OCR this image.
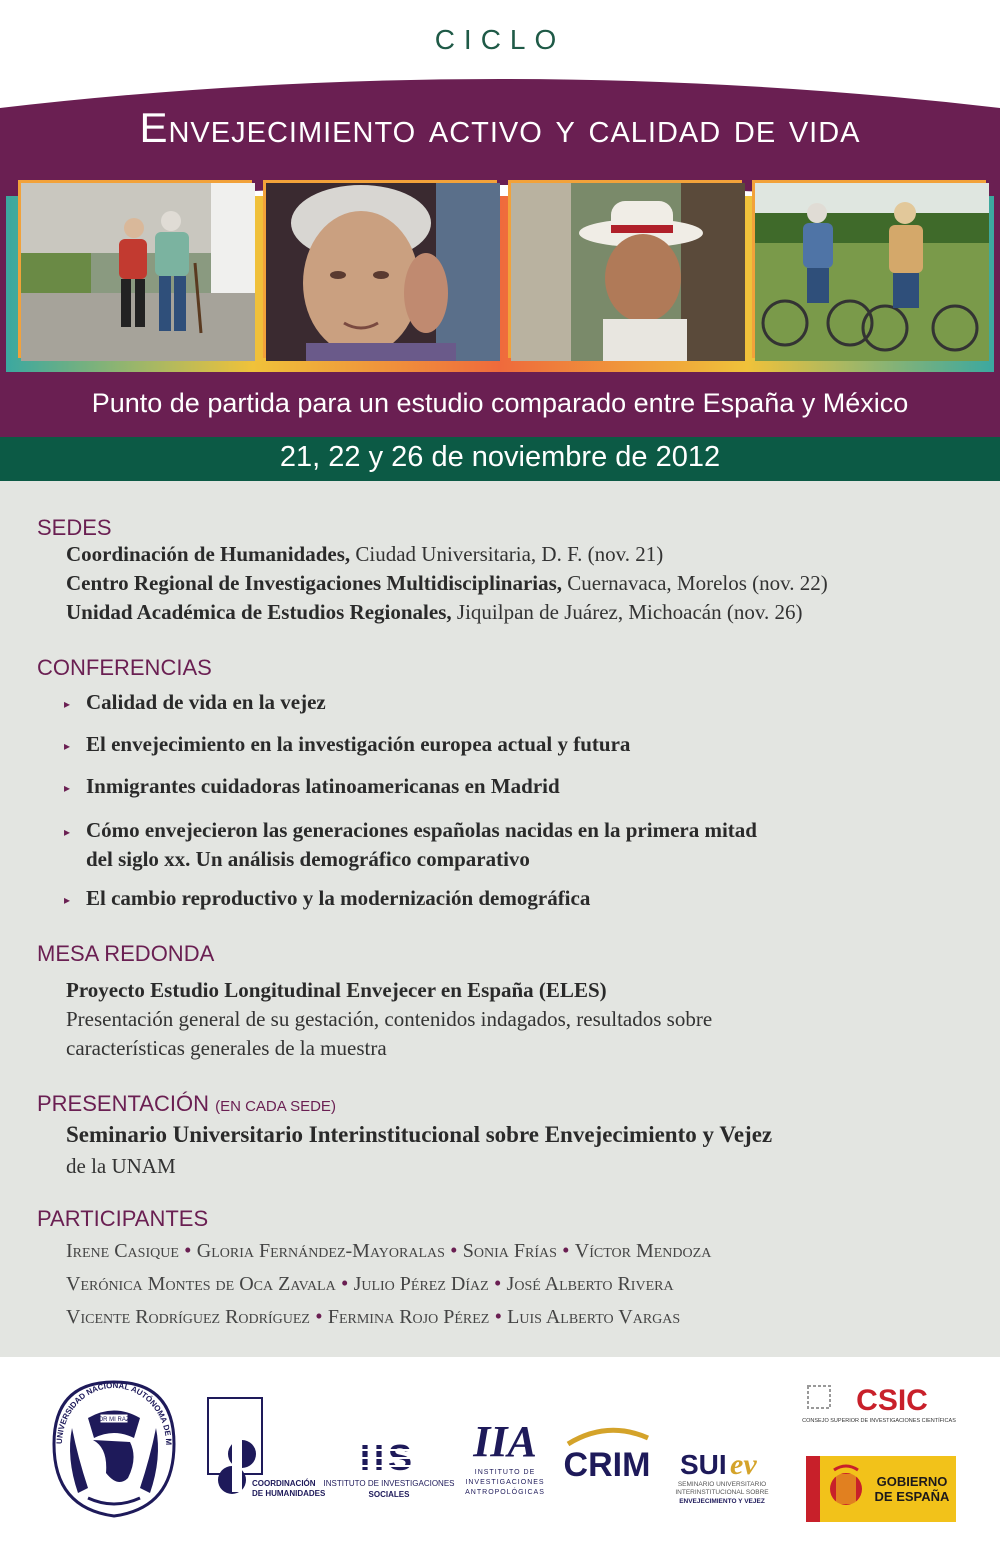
CICLO
Envejecimiento activo y calidad de vida
Punto de partida para un estudio comparado entre España y México
21, 22 y 26 de noviembre de 2012
SEDES
Coordinación de Humanidades, Ciudad Universitaria, D. F. (nov. 21)
Centro Regional de Investigaciones Multidisciplinarias, Cuernavaca, Morelos (nov. 22)
Unidad Académica de Estudios Regionales, Jiquilpan de Juárez, Michoacán (nov. 26)
CONFERENCIAS
▸ Calidad de vida en la vejez
▸ El envejecimiento en la investigación europea actual y futura
▸ Inmigrantes cuidadoras latinoamericanas en Madrid
▸ Cómo envejecieron las generaciones españolas nacidas en la primera mitad
del siglo xx. Un análisis demográfico comparativo
▸ El cambio reproductivo y la modernización demográfica
MESA REDONDA
Proyecto Estudio Longitudinal Envejecer en España (ELES)
Presentación general de su gestación, contenidos indagados, resultados sobre
características generales de la muestra
PRESENTACIÓN (EN CADA SEDE)
Seminario Universitario Interinstitucional sobre Envejecimiento y Vejez
de la UNAM
PARTICIPANTES
Irene Casique • Gloria Fernández-Mayoralas • Sonia Frías • Víctor Mendoza
Verónica Montes de Oca Zavala • Julio Pérez Díaz • José Alberto Rivera
Vicente Rodríguez Rodríguez • Fermina Rojo Pérez • Luis Alberto Vargas
UNIVERSIDAD NACIONAL AUTÓNOMA DE M
POR MI RAZA
COORDINACIÓN
DE HUMANIDADES
IIS
INSTITUTO DE INVESTIGACIONES
SOCIALES
IIA
INSTITUTO DE
INVESTIGACIONES
ANTROPOLÓGICAS
CRIM SUI ev
SEMINARIO UNIVERSITARIO
INTERINSTITUCIONAL SOBRE
ENVEJECIMIENTO Y VEJEZ
CSIC
CONSEJO SUPERIOR DE INVESTIGACIONES CIENTÍFICAS
GOBIERNO
DE ESPAÑA
